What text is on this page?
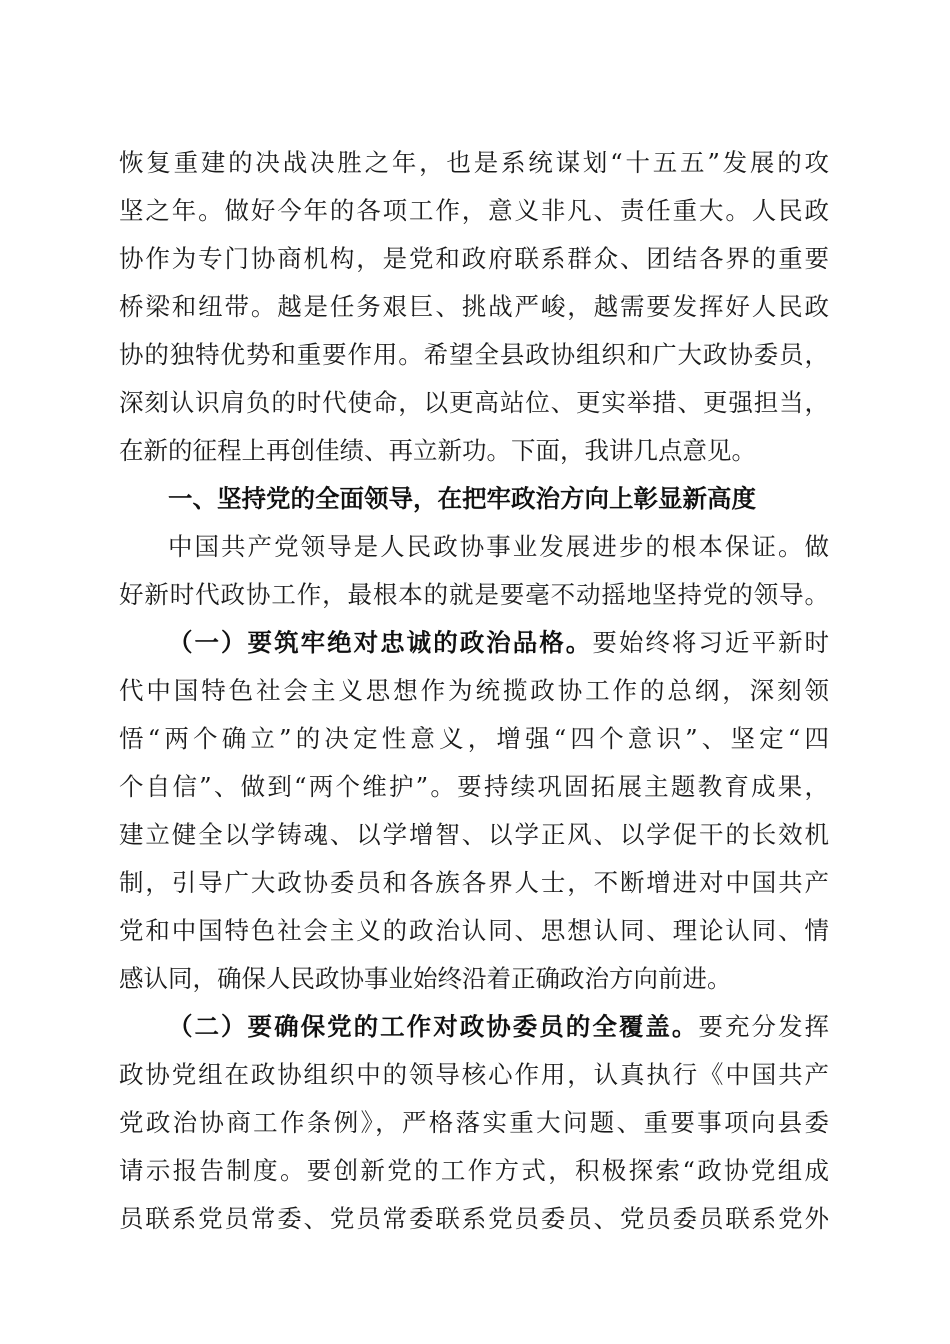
恢复重建的决战决胜之年，也是系统谋划“十五五”发展的攻
坚之年。做好今年的各项工作，意义非凡、责任重大。人民政
协作为专门协商机构，是党和政府联系群众、团结各界的重要
桥梁和纽带。越是任务艰巨、挑战严峻，越需要发挥好人民政
协的独特优势和重要作用。希望全县政协组织和广大政协委员，
深刻认识肩负的时代使命，以更高站位、更实举措、更强担当，
在新的征程上再创佳绩、再立新功。下面，我讲几点意见。
一、坚持党的全面领导，在把牢政治方向上彰显新高度
中国共产党领导是人民政协事业发展进步的根本保证。做
好新时代政协工作，最根本的就是要毫不动摇地坚持党的领导。
（一）要筑牢绝对忠诚的政治品格。要始终将习近平新时
代中国特色社会主义思想作为统揽政协工作的总纲，深刻领
悟“两个确立”的决定性意义，增强“四个意识”、坚定“四
个自信”、做到“两个维护”。要持续巩固拓展主题教育成果，
建立健全以学铸魂、以学增智、以学正风、以学促干的长效机
制，引导广大政协委员和各族各界人士，不断增进对中国共产
党和中国特色社会主义的政治认同、思想认同、理论认同、情
感认同，确保人民政协事业始终沿着正确政治方向前进。
（二）要确保党的工作对政协委员的全覆盖。要充分发挥
政协党组在政协组织中的领导核心作用，认真执行《中国共产
党政治协商工作条例》，严格落实重大问题、重要事项向县委
请示报告制度。要创新党的工作方式，积极探索“政协党组成
员联系党员常委、党员常委联系党员委员、党员委员联系党外
